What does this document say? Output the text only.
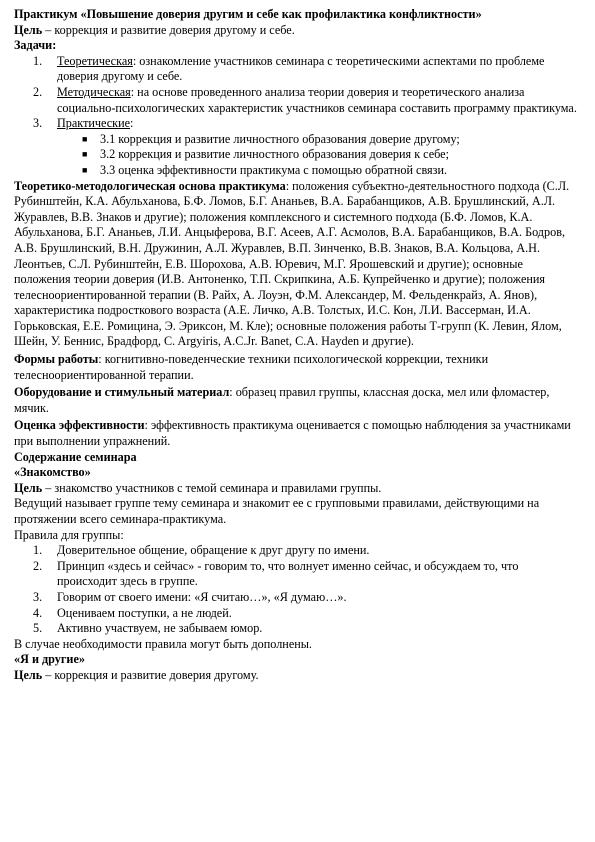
Практикум «Повышение доверия другим и себе как профилактика конфликтности»

Цель – коррекция и развитие доверия другому и себе.

Задачи:

1. Теоретическая: ознакомление участников семинара с теоретическими аспектами по проблеме доверия другому и себе.
2. Методическая: на основе проведенного анализа теории доверия и теоретического анализа социально-психологических характеристик участников семинара составить программу практикума.
3. Практические:
■ 3.1 коррекция и развитие личностного образования доверие другому;
■ 3.2 коррекция и развитие личностного образования доверия к себе;
■ 3.3 оценка эффективности практикума с помощью обратной связи.

Теоретико-методологическая основа практикума: положения субъектно-деятельностного подхода (С.Л. Рубинштейн, К.А. Абульханова, Б.Ф. Ломов, Б.Г. Ананьев, В.А. Барабанщиков, А.В. Брушлинский, А.Л. Журавлев, В.В. Знаков и другие); положения комплексного и системного подхода (Б.Ф. Ломов, К.А. Абульханова, Б.Г. Ананьев, Л.И. Анцыферова, В.Г. Асеев, А.Г. Асмолов, В.А. Барабанщиков, В.А. Бодров, А.В. Брушлинский, В.Н. Дружинин, А.Л. Журавлев, В.П. Зинченко, В.В. Знаков, В.А. Кольцова, А.Н. Леонтьев, С.Л. Рубинштейн, Е.В. Шорохова, А.В. Юревич, М.Г. Ярошевский и другие); основные положения теории доверия (И.В. Антоненко, Т.П. Скрипкина, А.Б. Купрейченко и другие); положения телесноориентированной терапии (В. Райх, А. Лоуэн, Ф.М. Александер, М. Фельденкрайз, А. Янов), характеристика подросткового возраста (А.Е. Личко, А.В. Толстых, И.С. Кон, Л.И. Вассерман, И.А. Горьковская, Е.Е. Ромицина, Э. Эриксон, М. Кле); основные положения работы Т-групп (К. Левин, Ялом, Шейн, У. Беннис, Брадфорд, C. Argyiris, A.C.Jr. Banet, C.A. Hayden и другие).

Формы работы: когнитивно-поведенческие техники психологической коррекции, техники телесноориентированной терапии.

Оборудование и стимульный материал: образец правил группы, классная доска, мел или фломастер, мячик.

Оценка эффективности: эффективность практикума оценивается с помощью наблюдения за участниками при выполнении упражнений.

Содержание семинара

«Знакомство»

Цель – знакомство участников с темой семинара и правилами группы.

Ведущий называет группе тему семинара и знакомит ее с групповыми правилами, действующими на протяжении всего семинара-практикума.

Правила для группы:

1. Доверительное общение, обращение к друг другу по имени.
2. Принцип «здесь и сейчас» - говорим то, что волнует именно сейчас, и обсуждаем то, что происходит здесь в группе.
3. Говорим от своего имени: «Я считаю…», «Я думаю…».
4. Оцениваем поступки, а не людей.
5. Активно участвуем, не забываем юмор.

В случае необходимости правила могут быть дополнены.

«Я и другие»

Цель – коррекция и развитие доверия другому.
